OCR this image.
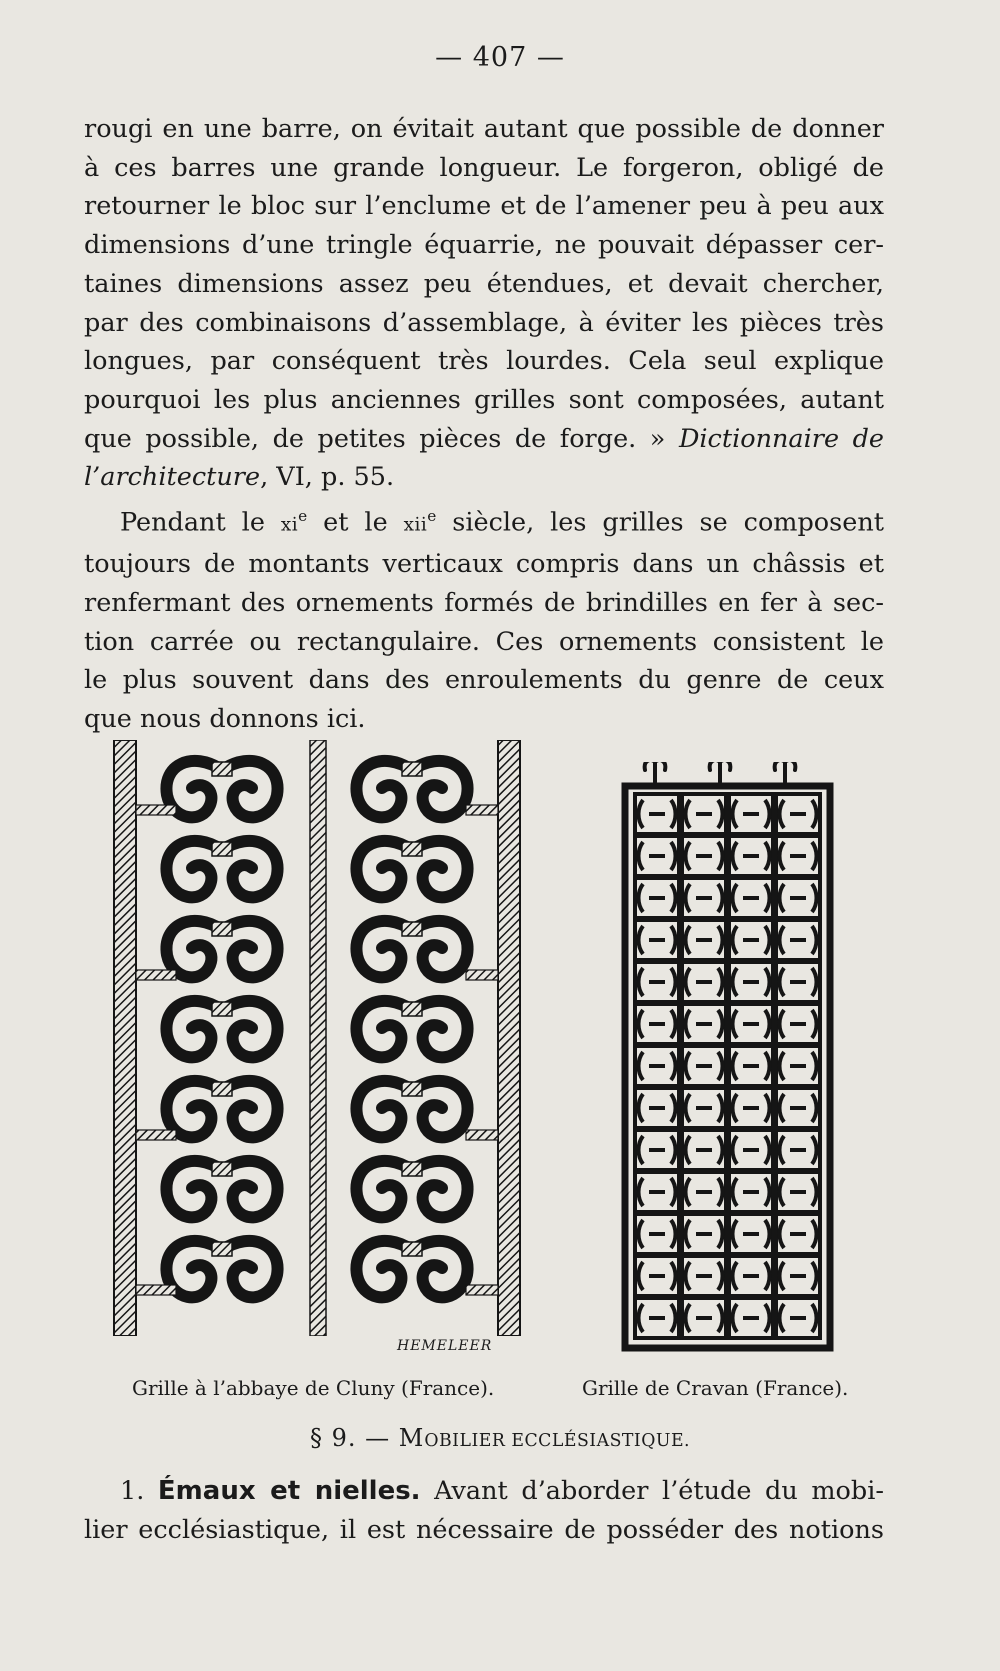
— 407 —
rougi en une barre, on évitait autant que possible de donner
à ces barres une grande longueur. Le forgeron, obligé de
retourner le bloc sur l’enclume et de l’amener peu à peu aux
dimensions d’une tringle équarrie, ne pouvait dépasser cer-
taines dimensions assez peu étendues, et devait chercher,
par des combinaisons d’assemblage, à éviter les pièces très
longues, par conséquent très lourdes. Cela seul explique
pourquoi les plus anciennes grilles sont composées, autant
que possible, de petites pièces de forge. » Dictionnaire de
l’architecture, VI, p. 55.
Pendant le $xi^e$ et le xii$^e$ siècle, les grilles se composent
toujours de montants verticaux compris dans un châssis et
renfermant des ornements formés de brindilles en fer à sec-
tion carrée ou rectangulaire. Ces ornements consistent le
le plus souvent dans des enroulements du genre de ceux
que nous donnons ici.
HEMELEER
Grille à l’abbaye de Cluny (France).	Grille de Cravan (France).
§ 9. — MOBILIER ECCLÉSIASTIQUE.
1. Émaux et nielles. Avant d’aborder l’étude du mobi-
lier ecclésiastique, il est nécessaire de posséder des notions
